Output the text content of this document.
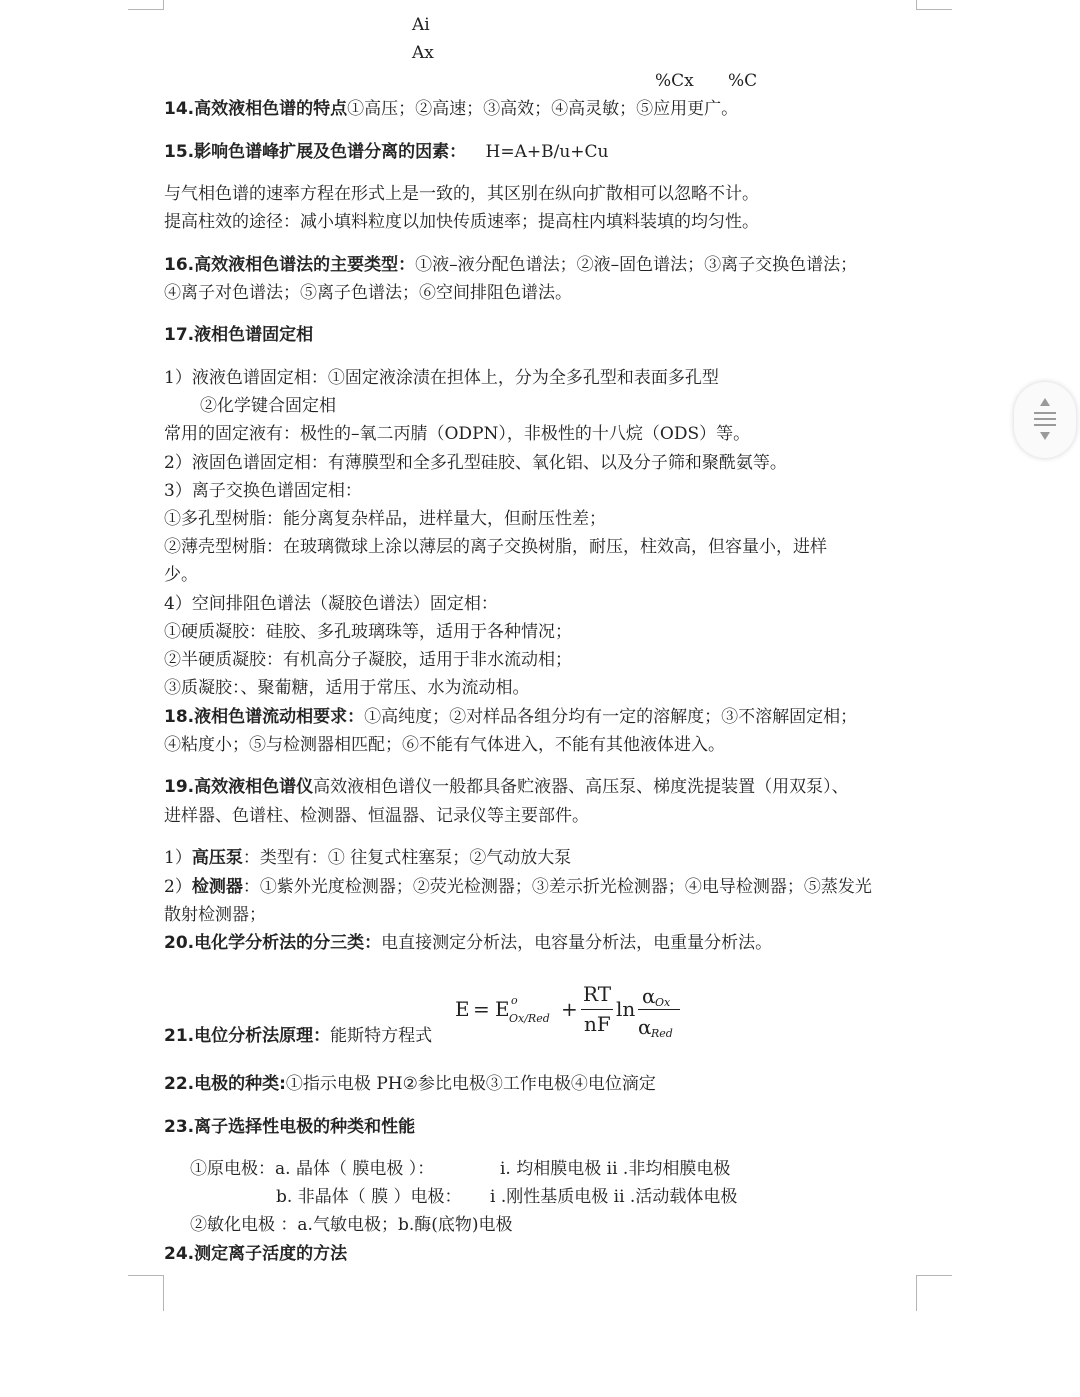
Ai
Ax
%Cx %C
14.高效液相色谱的特点①高压；②高速；③高效；④高灵敏；⑤应用更广。
15.影响色谱峰扩展及色谱分离的因素： H=A+B/u+Cu
与气相色谱的速率方程在形式上是一致的，其区别在纵向扩散相可以忽略不计。
提高柱效的途径：减小填料粒度以加快传质速率；提高柱内填料装填的均匀性。
16.高效液相色谱法的主要类型：①液–液分配色谱法；②液–固色谱法；③离子交换色谱法；
④离子对色谱法；⑤离子色谱法；⑥空间排阻色谱法。
17.液相色谱固定相
1）液液色谱固定相：①固定液涂渍在担体上，分为全多孔型和表面多孔型
②化学键合固定相
常用的固定液有：极性的–氧二丙腈（ODPN），非极性的十八烷（ODS）等。
2）液固色谱固定相：有薄膜型和全多孔型硅胶、氧化铝、以及分子筛和聚酰氨等。
3）离子交换色谱固定相：
①多孔型树脂：能分离复杂样品，进样量大，但耐压性差；
②薄壳型树脂：在玻璃微球上涂以薄层的离子交换树脂，耐压，柱效高，但容量小，进样
少。
4）空间排阻色谱法（凝胶色谱法）固定相：
①硬质凝胶：硅胶、多孔玻璃珠等，适用于各种情况；
②半硬质凝胶：有机高分子凝胶，适用于非水流动相；
③质凝胶：、聚葡糖，适用于常压、水为流动相。
18.液相色谱流动相要求：①高纯度；②对样品各组分均有一定的溶解度；③不溶解固定相；
④粘度小；⑤与检测器相匹配；⑥不能有气体进入，不能有其他液体进入。
19.高效液相色谱仪高效液相色谱仪一般都具备贮液器、高压泵、梯度洗提装置（用双泵）、
进样器、色谱柱、检测器、恒温器、记录仪等主要部件。
1）高压泵：类型有：① 往复式柱塞泵；②气动放大泵
2）检测器：①紫外光度检测器；②荧光检测器；③差示折光检测器；④电导检测器；⑤蒸发光
散射检测器；
20.电化学分析法的分三类：电直接测定分析法，电容量分析法，电重量分析法。
E = E o
Ox/Red +
RT
nF
ln
α Ox
α Red
21.电位分析法原理：能斯特方程式
22.电极的种类:①指示电极 PH②参比电极③工作电极④电位滴定
23.离子选择性电极的种类和性能
①原电极：a. 晶体（ 膜电极 ）：	i. 均相膜电极 ii .非均相膜电极
b. 非晶体（ 膜 ）电极： i .刚性基质电极 ii .活动载体电极
②敏化电极 ：a.气敏电极；b.酶(底物)电极
24.测定离子活度的方法
